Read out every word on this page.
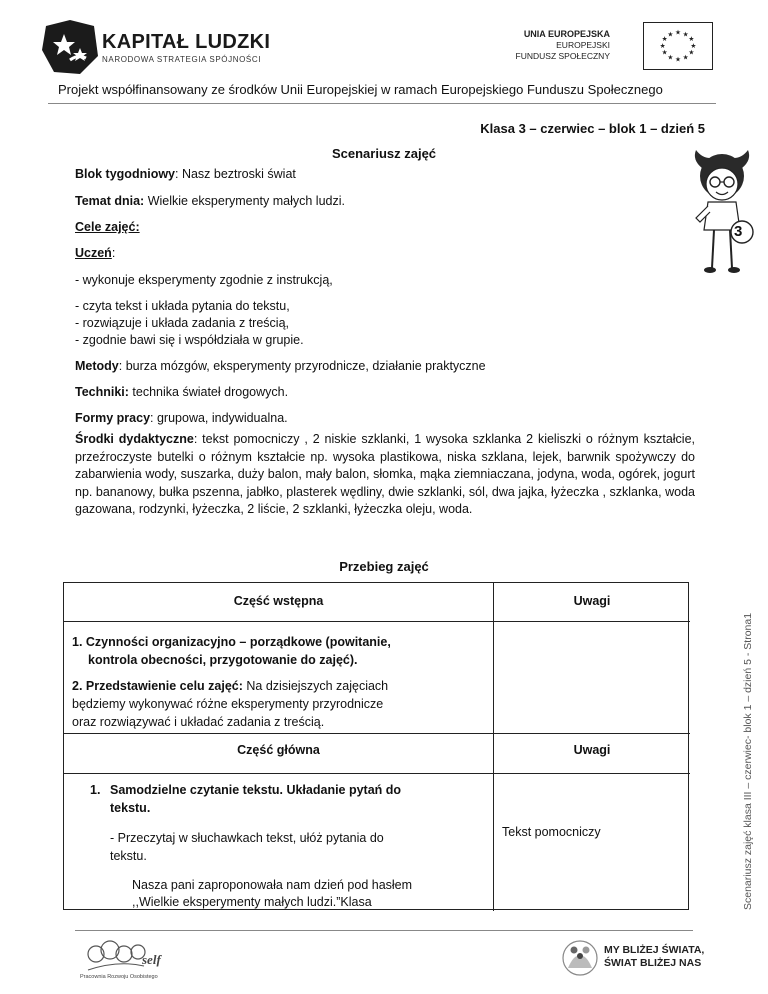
KAPITAŁ LUDZKI
NARODOWA STRATEGIA SPÓJNOŚCI
UNIA EUROPEJSKA
EUROPEJSKI
FUNDUSZ SPOŁECZNY
★ ★
★
★
★
★
★
★
★
★
★
★
Projekt współfinansowany ze środków Unii Europejskiej w ramach Europejskiego Funduszu Społecznego
3
Klasa 3 – czerwiec – blok 1 – dzień 5
Scenariusz zajęć
Blok tygodniowy: Nasz beztroski świat
Temat dnia: Wielkie eksperymenty małych ludzi.
Cele zajęć:
Uczeń:
- wykonuje eksperymenty zgodnie z instrukcją,
- czyta tekst i układa pytania do tekstu,
- rozwiązuje i układa zadania z treścią,
- zgodnie bawi się i współdziała w grupie.
Metody: burza mózgów, eksperymenty przyrodnicze, działanie praktyczne
Techniki: technika świateł drogowych.
Formy pracy: grupowa, indywidualna.
Środki dydaktyczne: tekst pomocniczy , 2 niskie szklanki, 1 wysoka szklanka 2 kieliszki o różnym kształcie, przeźroczyste butelki o różnym kształcie np. wysoka plastikowa, niska szklana, lejek, barwnik spożywczy do zabarwienia wody, suszarka, duży balon, mały balon, słomka, mąka ziemniaczana, jodyna, woda, ogórek, jogurt np. bananowy, bułka pszenna, jabłko, plasterek wędliny, dwie szklanki, sól, dwa jajka, łyżeczka , szklanka, woda gazowana, rodzynki, łyżeczka, 2 liście, 2 szklanki, łyżeczka oleju, woda.
Przebieg zajęć
Część wstępna	Uwagi
1. Czynności organizacyjno – porządkowe (powitanie,
kontrola obecności, przygotowanie do zajęć).
2. Przedstawienie celu zajęć: Na dzisiejszych zajęciach
będziemy wykonywać różne eksperymenty przyrodnicze
oraz rozwiązywać i układać zadania z treścią.
Część główna	Uwagi
1. Samodzielne czytanie tekstu. Układanie pytań do
tekstu.
- Przeczytaj w słuchawkach tekst, ułóż pytania do
tekstu.
Nasza pani zaproponowała nam dzień pod hasłem
,,Wielkie eksperymenty małych ludzi.”Klasa
Tekst pomocniczy	Scenariusz zajęć klasa III – czerwiec- blok 1 – dzień 5 - Strona1
self
Pracownia Rozwoju Osobistego
MY BLIŻEJ ŚWIATA,
ŚWIAT BLIŻEJ NAS
